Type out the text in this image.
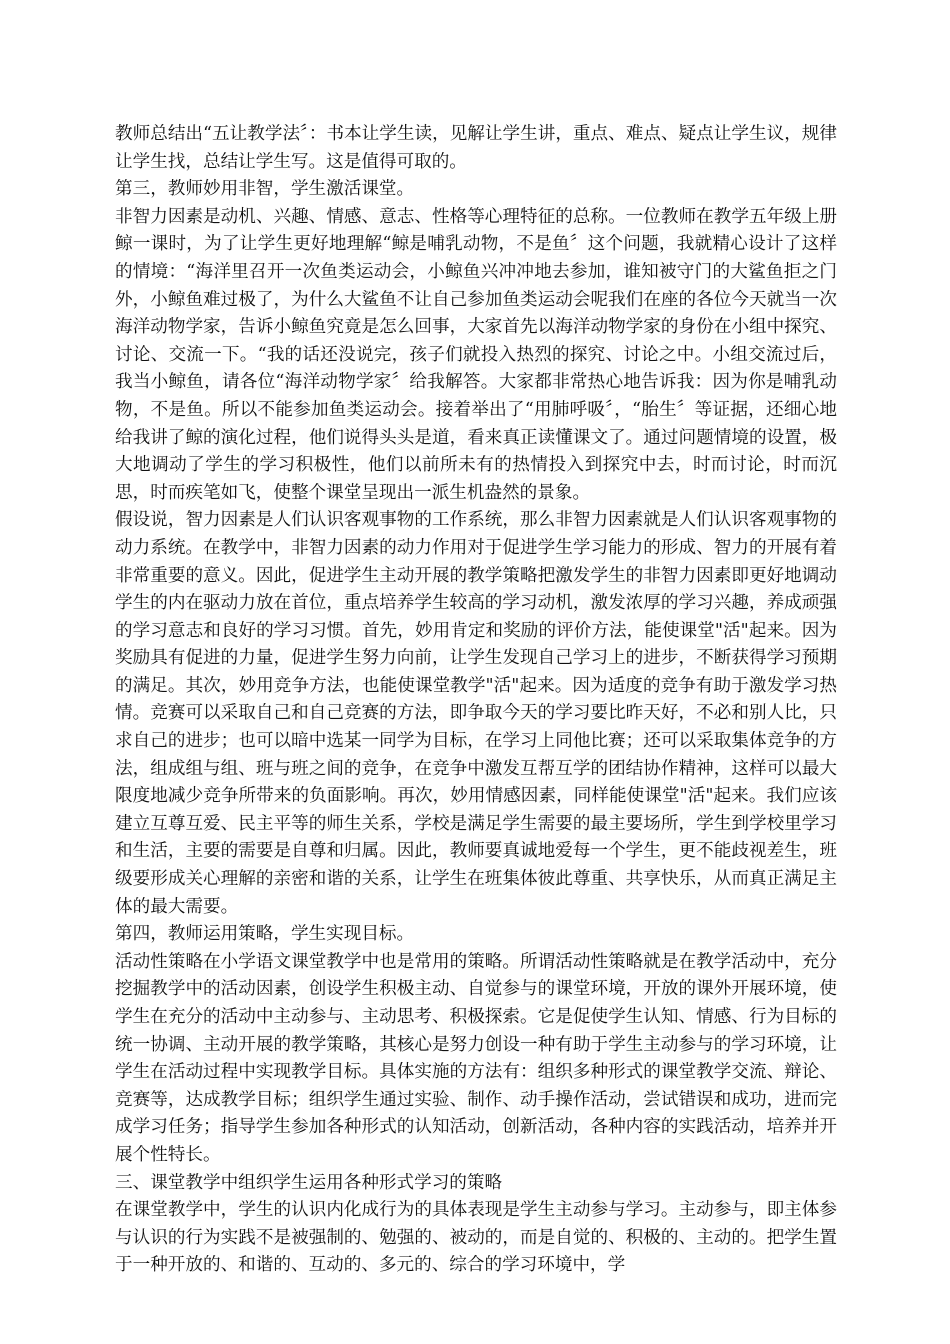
教师总结出“五让教学法〞：书本让学生读，见解让学生讲，重点、难点、疑点让学生议，规律让学生找，总结让学生写。这是值得可取的。

第三，教师妙用非智，学生激活课堂。

非智力因素是动机、兴趣、情感、意志、性格等心理特征的总称。一位教师在教学五年级上册鲸一课时，为了让学生更好地理解“鲸是哺乳动物，不是鱼〞这个问题，我就精心设计了这样的情境：“海洋里召开一次鱼类运动会，小鲸鱼兴冲冲地去参加，谁知被守门的大鲨鱼拒之门外，小鲸鱼难过极了，为什么大鲨鱼不让自己参加鱼类运动会呢我们在座的各位今天就当一次海洋动物学家，告诉小鲸鱼究竟是怎么回事，大家首先以海洋动物学家的身份在小组中探究、讨论、交流一下。“我的话还没说完，孩子们就投入热烈的探究、讨论之中。小组交流过后，我当小鲸鱼，请各位“海洋动物学家〞给我解答。大家都非常热心地告诉我：因为你是哺乳动物，不是鱼。所以不能参加鱼类运动会。接着举出了“用肺呼吸〞，“胎生〞等证据，还细心地给我讲了鲸的演化过程，他们说得头头是道，看来真正读懂课文了。通过问题情境的设置，极大地调动了学生的学习积极性，他们以前所未有的热情投入到探究中去，时而讨论，时而沉思，时而疾笔如飞，使整个课堂呈现出一派生机盎然的景象。

假设说，智力因素是人们认识客观事物的工作系统，那么非智力因素就是人们认识客观事物的动力系统。在教学中，非智力因素的动力作用对于促进学生学习能力的形成、智力的开展有着非常重要的意义。因此，促进学生主动开展的教学策略把激发学生的非智力因素即更好地调动学生的内在驱动力放在首位，重点培养学生较高的学习动机，激发浓厚的学习兴趣，养成顽强的学习意志和良好的学习习惯。首先，妙用肯定和奖励的评价方法，能使课堂"活"起来。因为奖励具有促进的力量，促进学生努力向前，让学生发现自己学习上的进步，不断获得学习预期的满足。其次，妙用竞争方法，也能使课堂教学"活"起来。因为适度的竞争有助于激发学习热情。竞赛可以采取自己和自己竞赛的方法，即争取今天的学习要比昨天好，不必和别人比，只求自己的进步；也可以暗中选某一同学为目标，在学习上同他比赛；还可以采取集体竞争的方法，组成组与组、班与班之间的竞争，在竞争中激发互帮互学的团结协作精神，这样可以最大限度地减少竞争所带来的负面影响。再次，妙用情感因素，同样能使课堂"活"起来。我们应该建立互尊互爱、民主平等的师生关系，学校是满足学生需要的最主要场所，学生到学校里学习和生活，主要的需要是自尊和归属。因此，教师要真诚地爱每一个学生，更不能歧视差生，班级要形成关心理解的亲密和谐的关系，让学生在班集体彼此尊重、共享快乐，从而真正满足主体的最大需要。

第四，教师运用策略，学生实现目标。

活动性策略在小学语文课堂教学中也是常用的策略。所谓活动性策略就是在教学活动中，充分挖掘教学中的活动因素，创设学生积极主动、自觉参与的课堂环境，开放的课外开展环境，使学生在充分的活动中主动参与、主动思考、积极探索。它是促使学生认知、情感、行为目标的统一协调、主动开展的教学策略，其核心是努力创设一种有助于学生主动参与的学习环境，让学生在活动过程中实现教学目标。具体实施的方法有：组织多种形式的课堂教学交流、辩论、竞赛等，达成教学目标；组织学生通过实验、制作、动手操作活动，尝试错误和成功，进而完成学习任务；指导学生参加各种形式的认知活动，创新活动，各种内容的实践活动，培养并开展个性特长。

三、课堂教学中组织学生运用各种形式学习的策略

在课堂教学中，学生的认识内化成行为的具体表现是学生主动参与学习。主动参与，即主体参与认识的行为实践不是被强制的、勉强的、被动的，而是自觉的、积极的、主动的。把学生置于一种开放的、和谐的、互动的、多元的、综合的学习环境中，学
